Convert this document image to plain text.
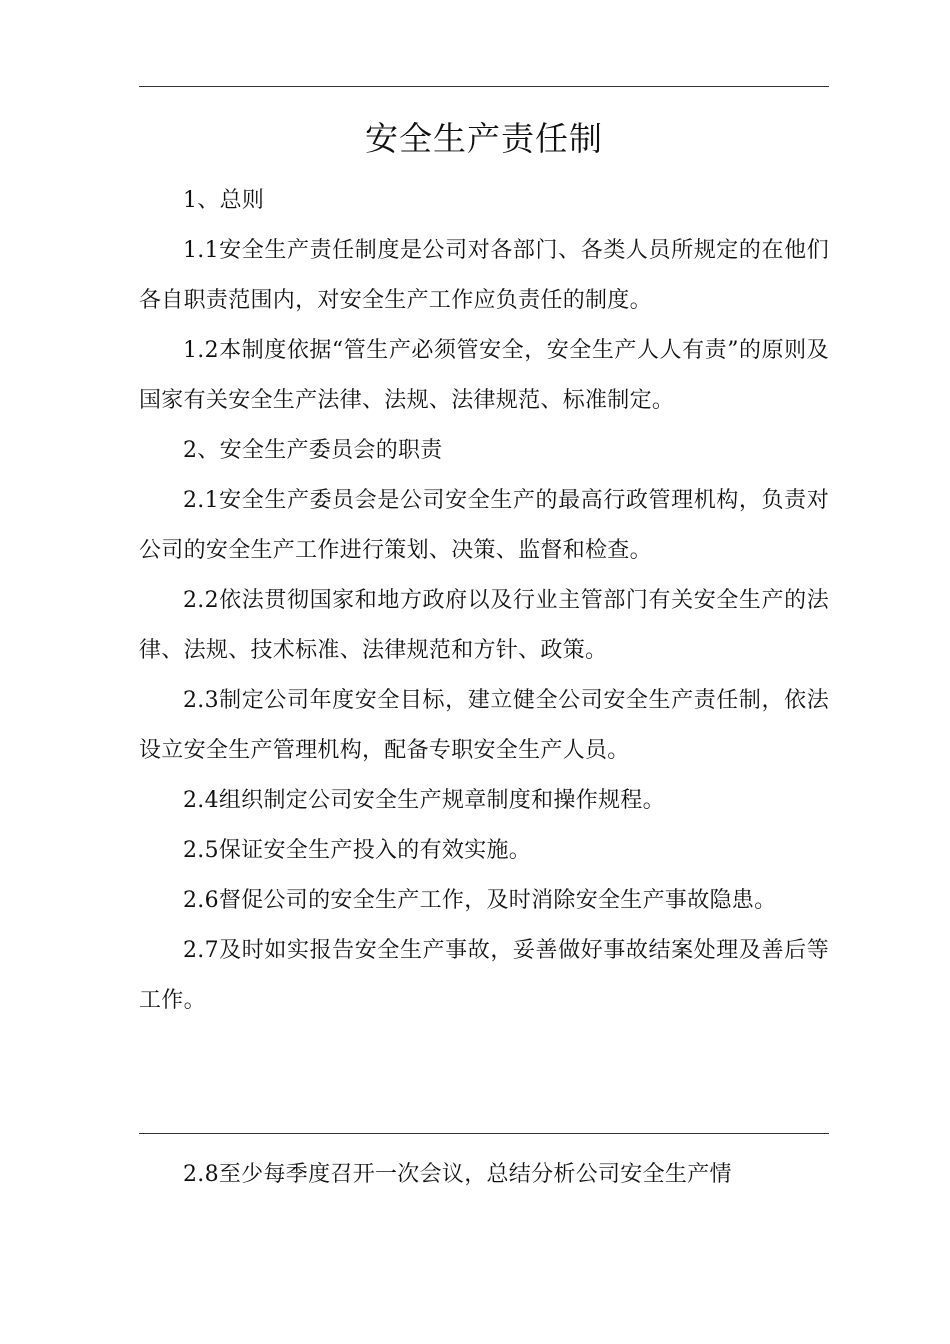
安全生产责任制

1、总则

1.1安全生产责任制度是公司对各部门、各类人员所规定的在他们各自职责范围内，对安全生产工作应负责任的制度。

1.2本制度依据“管生产必须管安全，安全生产人人有责”的原则及国家有关安全生产法律、法规、法律规范、标准制定。

2、安全生产委员会的职责

2.1安全生产委员会是公司安全生产的最高行政管理机构，负责对公司的安全生产工作进行策划、决策、监督和检查。

2.2依法贯彻国家和地方政府以及行业主管部门有关安全生产的法律、法规、技术标准、法律规范和方针、政策。

2.3制定公司年度安全目标，建立健全公司安全生产责任制，依法设立安全生产管理机构，配备专职安全生产人员。

2.4组织制定公司安全生产规章制度和操作规程。

2.5保证安全生产投入的有效实施。

2.6督促公司的安全生产工作，及时消除安全生产事故隐患。

2.7及时如实报告安全生产事故，妥善做好事故结案处理及善后等工作。

2.8至少每季度召开一次会议，总结分析公司安全生产情
